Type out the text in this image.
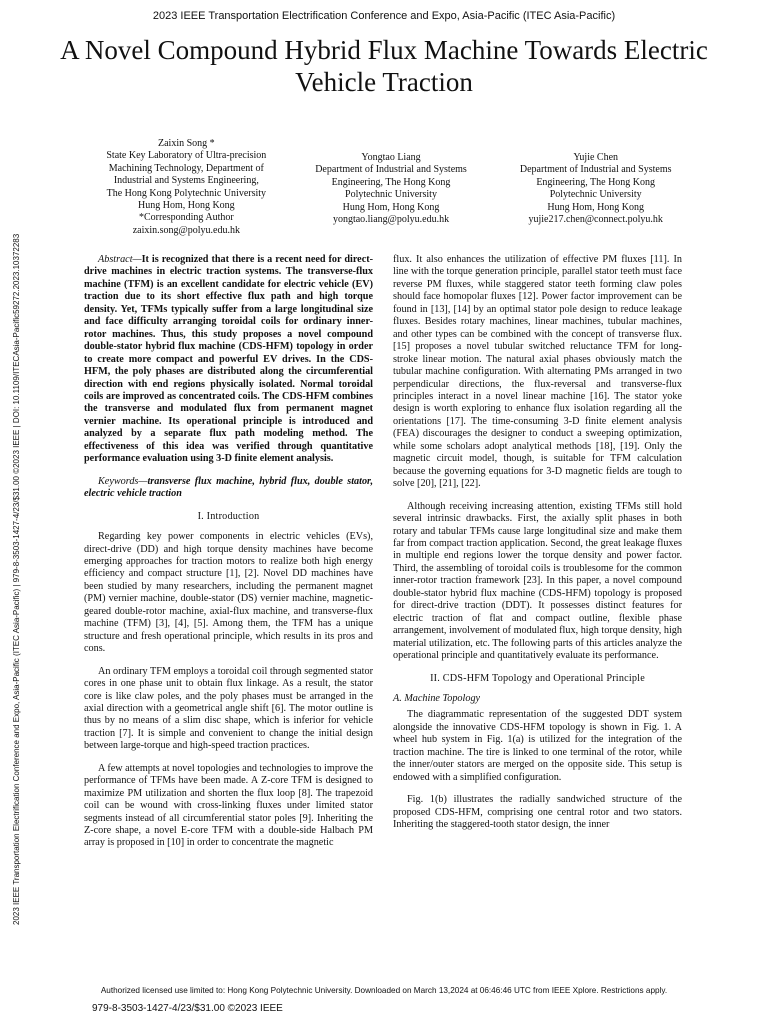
2023 IEEE Transportation Electrification Conference and Expo, Asia-Pacific (ITEC Asia-Pacific)
A Novel Compound Hybrid Flux Machine Towards Electric Vehicle Traction
2023 IEEE Transportation Electrification Conference and Expo, Asia-Pacific (ITEC Asia-Pacific) | 979-8-3503-1427-4/23/$31.00 ©2023 IEEE | DOI: 10.1109/ITECAsia-Pacific59272.2023.10372283
Zaixin Song *
State Key Laboratory of Ultra-precision
Machining Technology, Department of
Industrial and Systems Engineering,
The Hong Kong Polytechnic University
Hung Hom, Hong Kong
*Corresponding Author
zaixin.song@polyu.edu.hk
Yongtao Liang
Department of Industrial and Systems
Engineering, The Hong Kong
Polytechnic University
Hung Hom, Hong Kong
yongtao.liang@polyu.edu.hk
Yujie Chen
Department of Industrial and Systems
Engineering, The Hong Kong
Polytechnic University
Hung Hom, Hong Kong
yujie217.chen@connect.polyu.hk

Abstract—It is recognized that there is a recent need for direct-drive machines in electric traction systems. The transverse-flux machine (TFM) is an excellent candidate for electric vehicle (EV) traction due to its short effective flux path and high torque density. Yet, TFMs typically suffer from a large longitudinal size and face difficulty arranging toroidal coils for ordinary inner-rotor machines. Thus, this study proposes a novel compound double-stator hybrid flux machine (CDS-HFM) topology in order to create more compact and powerful EV drives. In the CDS-HFM, the poly phases are distributed along the circumferential direction with end regions physically isolated. Normal toroidal coils are improved as concentrated coils. The CDS-HFM combines the transverse and modulated flux from permanent magnet vernier machine. Its operational principle is introduced and analyzed by a separate flux path modeling method. The effectiveness of this idea was verified through quantitative performance evaluation using 3-D finite element analysis.

Keywords—transverse flux machine, hybrid flux, double stator, electric vehicle traction

I. Introduction

Regarding key power components in electric vehicles (EVs), direct-drive (DD) and high torque density machines have become emerging approaches for traction motors to realize both high energy efficiency and compact structure [1], [2]. Novel DD machines have been studied by many researchers, including the permanent magnet (PM) vernier machine, double-stator (DS) vernier machine, magnetic-geared double-rotor machine, axial-flux machine, and transverse-flux machine (TFM) [3], [4], [5]. Among them, the TFM has a unique structure and fresh operational principle, which results in its pros and cons.

An ordinary TFM employs a toroidal coil through segmented stator cores in one phase unit to obtain flux linkage. As a result, the stator core is like claw poles, and the poly phases must be arranged in the axial direction with a geometrical angle shift [6]. The motor outline is thus by no means of a slim disc shape, which is inferior for vehicle traction [7]. It is simple and convenient to change the initial design between large-torque and high-speed traction practices.

A few attempts at novel topologies and technologies to improve the performance of TFMs have been made. A Z-core TFM is designed to maximize PM utilization and shorten the flux loop [8]. The trapezoid coil can be wound with cross-linking fluxes under limited stator segments instead of all circumferential stator poles [9]. Inheriting the Z-core shape, a novel E-core TFM with a double-side Halbach PM array is proposed in [10] in order to concentrate the magnetic

flux. It also enhances the utilization of effective PM fluxes [11]. In line with the torque generation principle, parallel stator teeth must face reverse PM fluxes, while staggered stator teeth forming claw poles should face homopolar fluxes [12]. Power factor improvement can be found in [13], [14] by an optimal stator pole design to reduce leakage fluxes. Besides rotary machines, linear machines, tubular machines, and other types can be combined with the concept of transverse flux. [15] proposes a novel tubular switched reluctance TFM for long-stroke linear motion. The natural axial phases obviously match the tubular machine configuration. With alternating PMs arranged in two perpendicular directions, the flux-reversal and transverse-flux principles interact in a novel linear machine [16]. The stator yoke design is worth exploring to enhance flux isolation regarding all the orientations [17]. The time-consuming 3-D finite element analysis (FEA) discourages the designer to conduct a sweeping optimization, while some scholars adopt analytical methods [18], [19]. Only the magnetic circuit model, though, is suitable for TFM calculation because the governing equations for 3-D magnetic fields are tough to solve [20], [21], [22].

Although receiving increasing attention, existing TFMs still hold several intrinsic drawbacks. First, the axially split phases in both rotary and tabular TFMs cause large longitudinal size and make them far from compact traction application. Second, the great leakage fluxes in multiple end regions lower the torque density and power factor. Third, the assembling of toroidal coils is troublesome for the common inner-rotor traction framework [23]. In this paper, a novel compound double-stator hybrid flux machine (CDS-HFM) topology is proposed for direct-drive traction (DDT). It possesses distinct features for electric traction of flat and compact outline, flexible phase arrangement, involvement of modulated flux, high torque density, high material utilization, etc. The following parts of this articles analyze the operational principle and quantitatively evaluate its performance.

II. CDS-HFM Topology and Operational Principle
A. Machine Topology

The diagrammatic representation of the suggested DDT system alongside the innovative CDS-HFM topology is shown in Fig. 1. A wheel hub system in Fig. 1(a) is utilized for the integration of the traction machine. The tire is linked to one terminal of the rotor, while the inner/outer stators are merged on the opposite side. This setup is endowed with a simplified configuration.

Fig. 1(b) illustrates the radially sandwiched structure of the proposed CDS-HFM, comprising one central rotor and two stators. Inheriting the staggered-tooth stator design, the inner

Authorized licensed use limited to: Hong Kong Polytechnic University. Downloaded on March 13,2024 at 06:46:46 UTC from IEEE Xplore. Restrictions apply.
979-8-3503-1427-4/23/$31.00 ©2023 IEEE
